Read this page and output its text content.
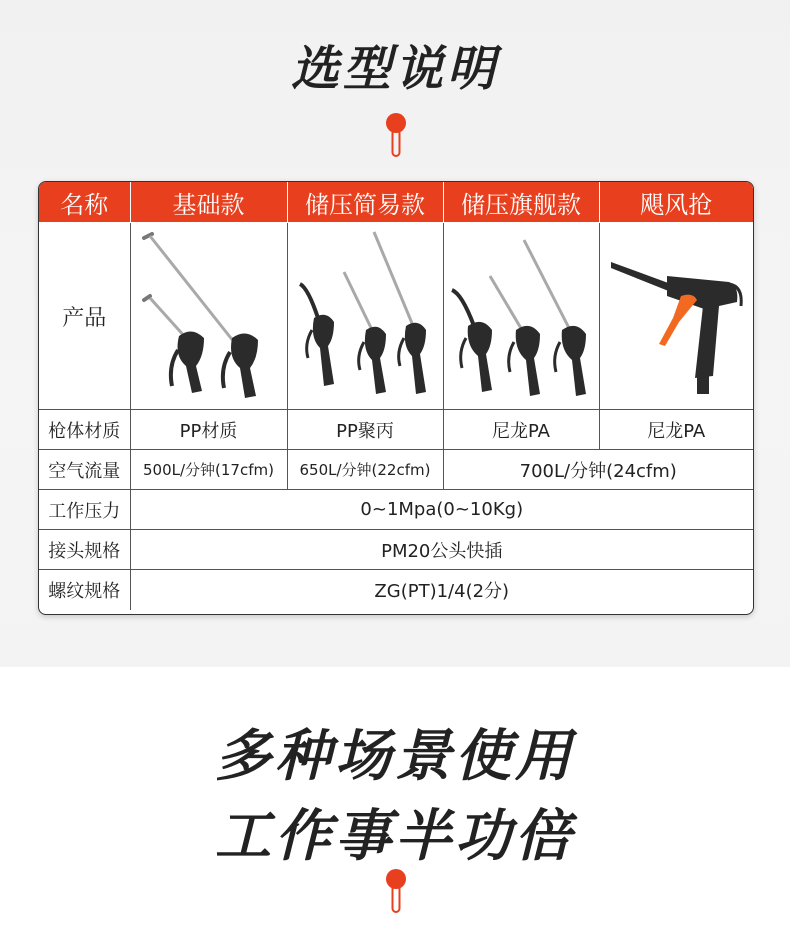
选型说明
名称	基础款	储压简易款	储压旗舰款	飓风抢
产品	

枪体材质	PP材质	PP聚丙	尼龙PA	尼龙PA
空气流量	500L/分钟(17cfm)	650L/分钟(22cfm)	700L/分钟(24cfm)	
工作压力	0~1Mpa(0~10Kg)			
接头规格	PM20公头快插			
螺纹规格	ZG(PT)1/4(2分)			
多种场景使用
工作事半功倍
